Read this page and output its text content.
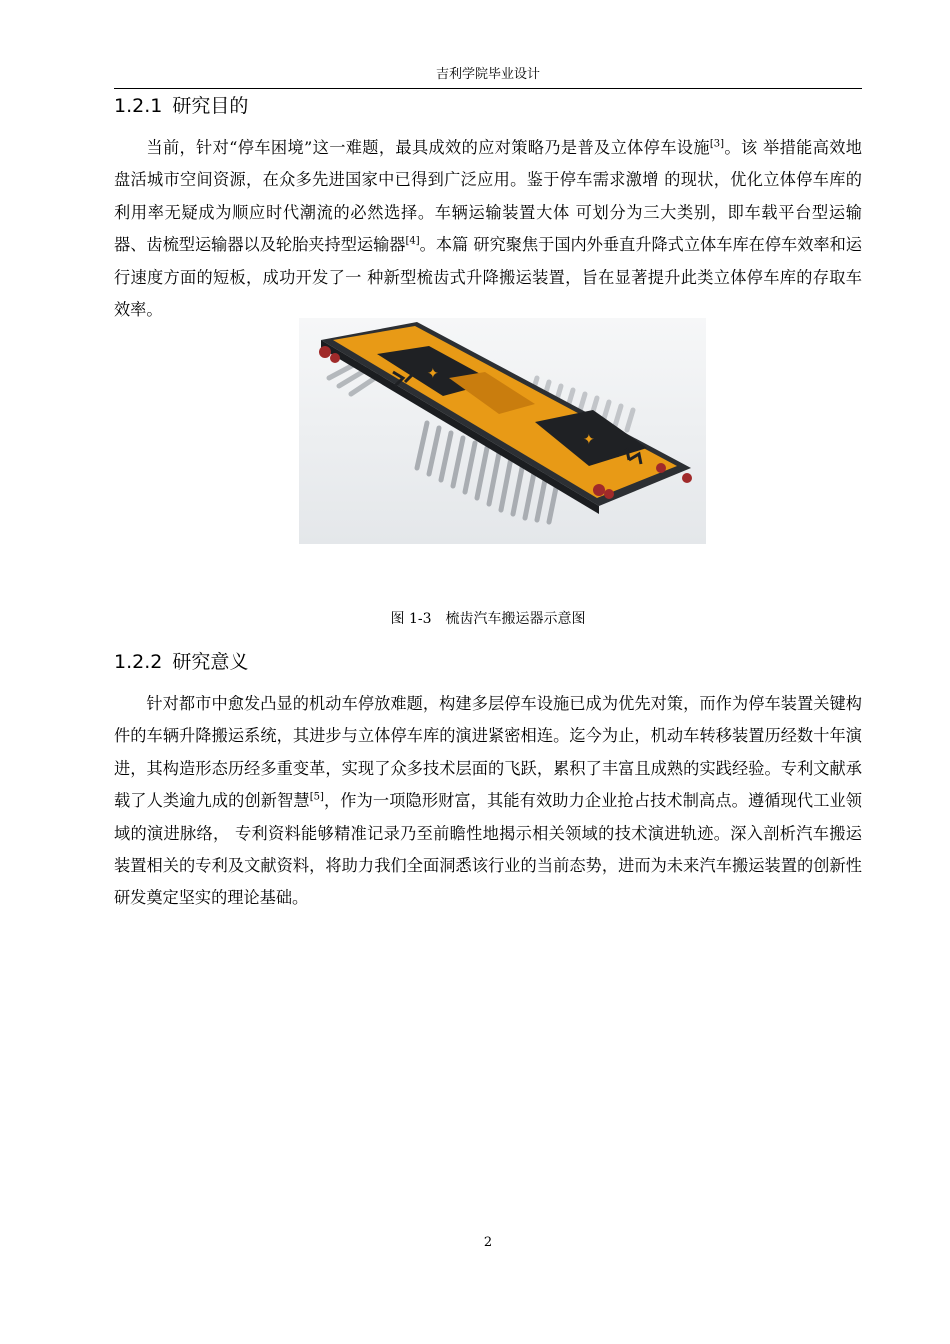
吉利学院毕业设计
1.2.1 研究目的

当前，针对“停车困境”这一难题，最具成效的应对策略乃是普及立体停车设施[3]。该 举措能高效地盘活城市空间资源，在众多先进国家中已得到广泛应用。鉴于停车需求激增 的现状，优化立体停车库的利用率无疑成为顺应时代潮流的必然选择。车辆运输装置大体 可划分为三大类别，即车载平台型运输器、齿梳型运输器以及轮胎夹持型运输器[4]。本篇 研究聚焦于国内外垂直升降式立体车库在停车效率和运行速度方面的短板，成功开发了一 种新型梳齿式升降搬运装置，旨在显著提升此类立体停车库的存取车效率。

✦
✦
图 1-3 梳齿汽车搬运器示意图
1.2.2 研究意义

针对都市中愈发凸显的机动车停放难题，构建多层停车设施已成为优先对策，而作为停车装置关键构件的车辆升降搬运系统，其进步与立体停车库的演进紧密相连。迄今为止，机动车转移装置历经数十年演进，其构造形态历经多重变革，实现了众多技术层面的飞跃，累积了丰富且成熟的实践经验。专利文献承载了人类逾九成的创新智慧[5]，作为一项隐形财富，其能有效助力企业抢占技术制高点。遵循现代工业领域的演进脉络， 专利资料能够精准记录乃至前瞻性地揭示相关领域的技术演进轨迹。深入剖析汽车搬运装置相关的专利及文献资料，将助力我们全面洞悉该行业的当前态势，进而为未来汽车搬运装置的创新性研发奠定坚实的理论基础。

2
